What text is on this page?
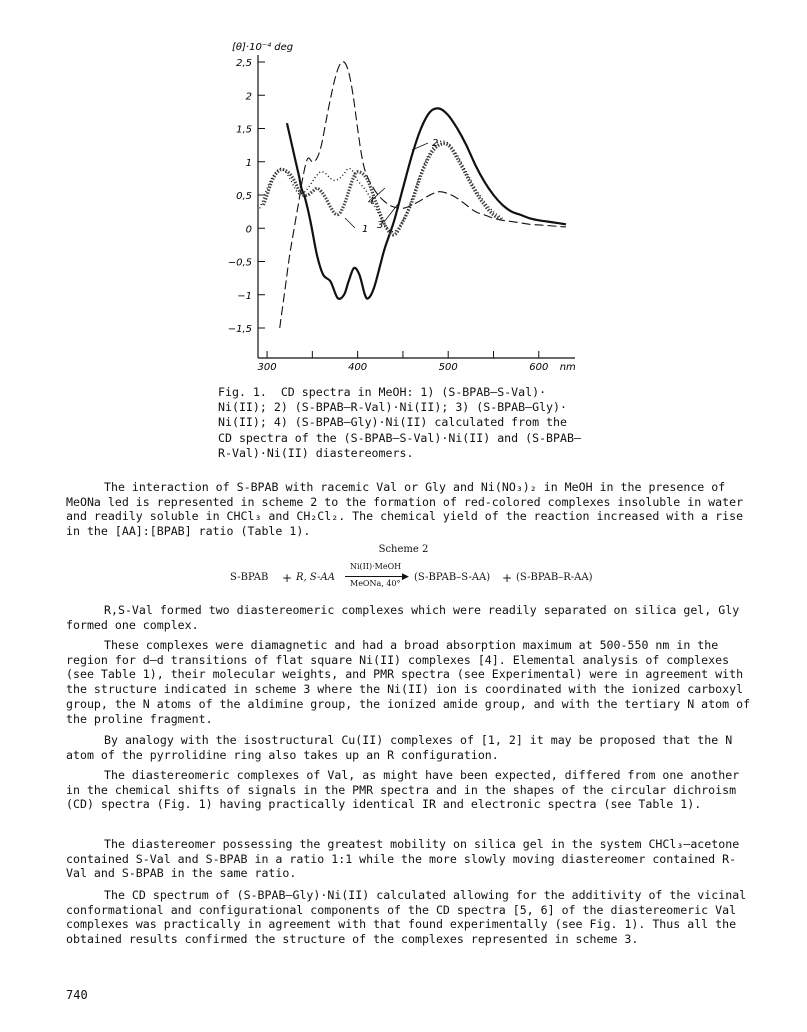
2,5
2
1,5
1
0,5
0
−0,5
−1
−1,5
300	400	500	600 nm
[θ]·10⁻⁴ deg
1
2
3
4

Fig. 1.  CD spectra in MeOH: 1) (S-BPAB–S-Val)·

Ni(II); 2) (S-BPAB–R-Val)·Ni(II); 3) (S-BPAB–Gly)·

Ni(II); 4) (S-BPAB–Gly)·Ni(II) calculated from the

CD spectra of the (S-BPAB–S-Val)·Ni(II) and (S-BPAB–

R-Val)·Ni(II) diastereomers.

The interaction of S-BPAB with racemic Val or Gly and Ni(NO₃)₂ in MeOH in the presence of MeONa led is represented in scheme 2 to the formation of red-colored complexes insoluble in water and readily soluble in CHCl₃ and CH₂Cl₂. The chemical yield of the reaction increased with a rise in the [AA]:[BPAB] ratio (Table 1).

Scheme 2
S-BPAB + R, S-AA
Ni(II)·MeOH
▶
MeONa, 40°
(S-BPAB–S-AA) + (S-BPAB–R-AA)

R,S-Val formed two diastereomeric complexes which were readily separated on silica gel, Gly formed one complex.

These complexes were diamagnetic and had a broad absorption maximum at 500-550 nm in the region for d–d transitions of flat square Ni(II) complexes [4]. Elemental analysis of complexes (see Table 1), their molecular weights, and PMR spectra (see Experimental) were in agreement with the structure indicated in scheme 3 where the Ni(II) ion is coordinated with the ionized carboxyl group, the N atoms of the aldimine group, the ionized amide group, and with the tertiary N atom of the proline fragment.

By analogy with the isostructural Cu(II) complexes of [1, 2] it may be proposed that the N atom of the pyrrolidine ring also takes up an R configuration.

The diastereomeric complexes of Val, as might have been expected, differed from one another in the chemical shifts of signals in the PMR spectra and in the shapes of the circular dichroism (CD) spectra (Fig. 1) having practically identical IR and electronic spectra (see Table 1).

The diastereomer possessing the greatest mobility on silica gel in the system CHCl₃–acetone contained S-Val and S-BPAB in a ratio 1:1 while the more slowly moving diastereomer contained R-Val and S-BPAB in the same ratio.

The CD spectrum of (S-BPAB–Gly)·Ni(II) calculated allowing for the additivity of the vicinal conformational and configurational components of the CD spectra [5, 6] of the diastereomeric Val complexes was practically in agreement with that found experimentally (see Fig. 1). Thus all the obtained results confirmed the structure of the complexes represented in scheme 3.

740
